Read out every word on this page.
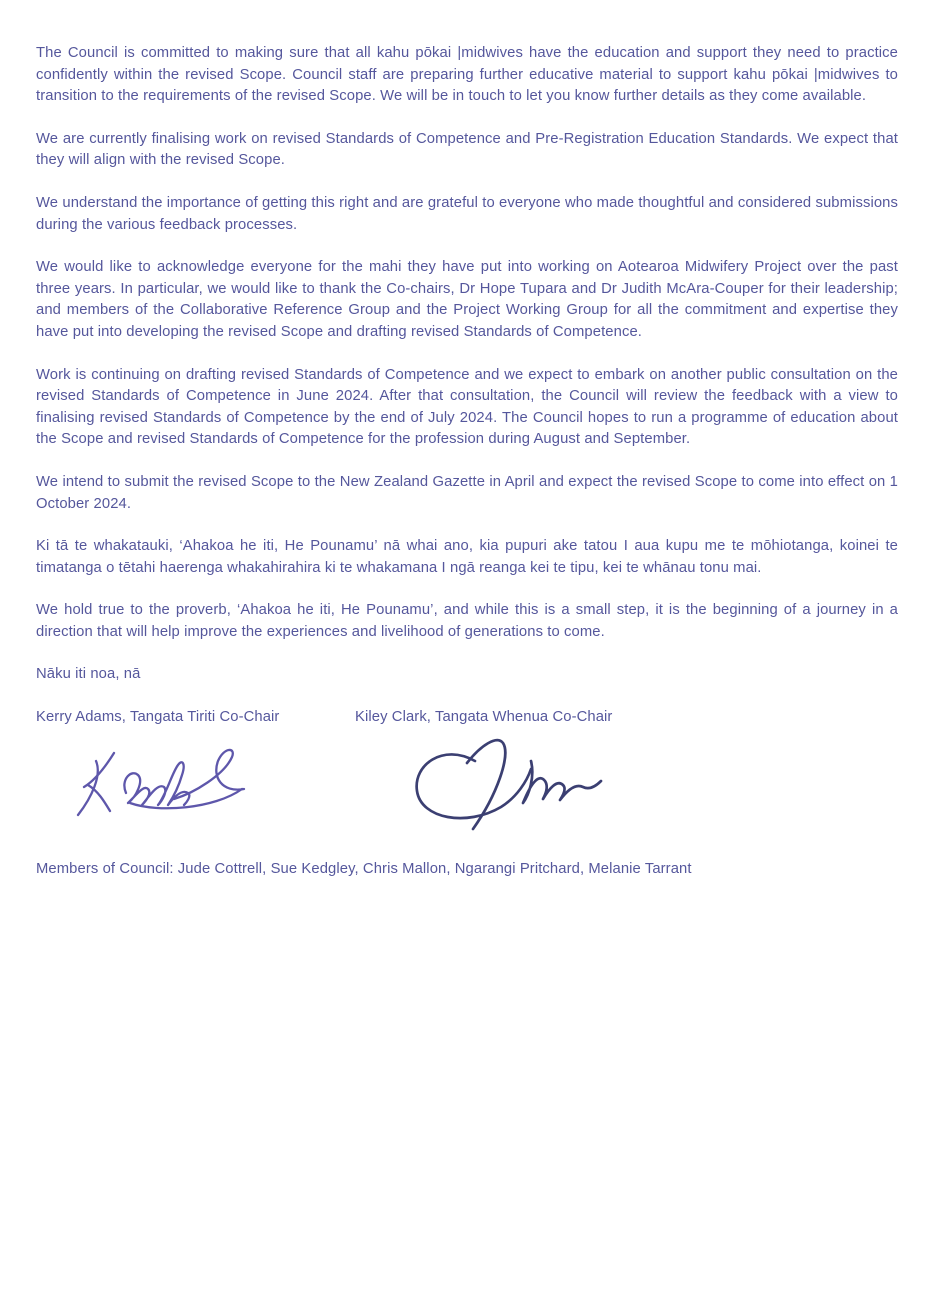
The Council is committed to making sure that all kahu pōkai |midwives have the education and support they need to practice confidently within the revised Scope. Council staff are preparing further educative material to support kahu pōkai |midwives to transition to the requirements of the revised Scope. We will be in touch to let you know further details as they come available.

We are currently finalising work on revised Standards of Competence and Pre-Registration Education Standards. We expect that they will align with the revised Scope.

We understand the importance of getting this right and are grateful to everyone who made thoughtful and considered submissions during the various feedback processes.

We would like to acknowledge everyone for the mahi they have put into working on Aotearoa Midwifery Project over the past three years. In particular, we would like to thank the Co-chairs, Dr Hope Tupara and Dr Judith McAra-Couper for their leadership; and members of the Collaborative Reference Group and the Project Working Group for all the commitment and expertise they have put into developing the revised Scope and drafting revised Standards of Competence.

Work is continuing on drafting revised Standards of Competence and we expect to embark on another public consultation on the revised Standards of Competence in June 2024. After that consultation, the Council will review the feedback with a view to finalising revised Standards of Competence by the end of July 2024. The Council hopes to run a programme of education about the Scope and revised Standards of Competence for the profession during August and September.

We intend to submit the revised Scope to the New Zealand Gazette in April and expect the revised Scope to come into effect on 1 October 2024.

Ki tā te whakatauki, ‘Ahakoa he iti, He Pounamu’ nā whai ano, kia pupuri ake tatou I aua kupu me te mōhiotanga, koinei te timatanga o tētahi haerenga whakahirahira ki te whakamana I ngā reanga kei te tipu, kei te whānau tonu mai.

We hold true to the proverb, ‘Ahakoa he iti, He Pounamu’, and while this is a small step, it is the beginning of a journey in a direction that will help improve the experiences and livelihood of generations to come.

Nāku iti noa, nā

Kerry Adams, Tangata Tiriti Co-Chair	Kiley Clark, Tangata Whenua Co-Chair

Members of Council: Jude Cottrell, Sue Kedgley, Chris Mallon, Ngarangi Pritchard, Melanie Tarrant
